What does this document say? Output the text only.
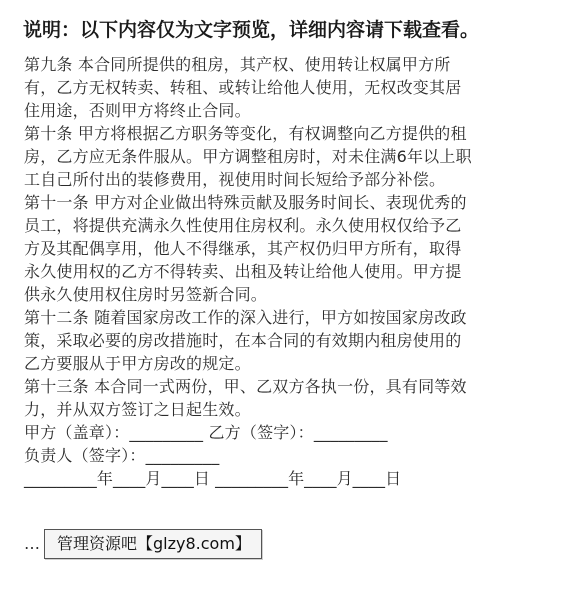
说明：以下内容仅为文字预览，详细内容请下载查看。
第九条 本合同所提供的租房，其产权、使用转让权属甲方所
有，乙方无权转卖、转租、或转让给他人使用，无权改变其居
住用途，否则甲方将终止合同。
第十条 甲方将根据乙方职务等变化，有权调整向乙方提供的租
房，乙方应无条件服从。甲方调整租房时，对未住满6年以上职
工自己所付出的装修费用，视使用时间长短给予部分补偿。
第十一条 甲方对企业做出特殊贡献及服务时间长、表现优秀的
员工，将提供充满永久性使用住房权利。永久使用权仅给予乙
方及其配偶享用，他人不得继承，其产权仍归甲方所有，取得
永久使用权的乙方不得转卖、出租及转让给他人使用。甲方提
供永久使用权住房时另签新合同。
第十二条 随着国家房改工作的深入进行，甲方如按国家房改政
策，采取必要的房改措施时，在本合同的有效期内租房使用的
乙方要服从于甲方房改的规定。
第十三条 本合同一式两份，甲、乙双方各执一份，具有同等效
力，并从双方签订之日起生效。
甲方（盖章）：_________ 乙方（签字）：_________
负责人（签字）：_________
_________年____月____日 _________年____月____日
…	管理资源吧【glzy8.com】
